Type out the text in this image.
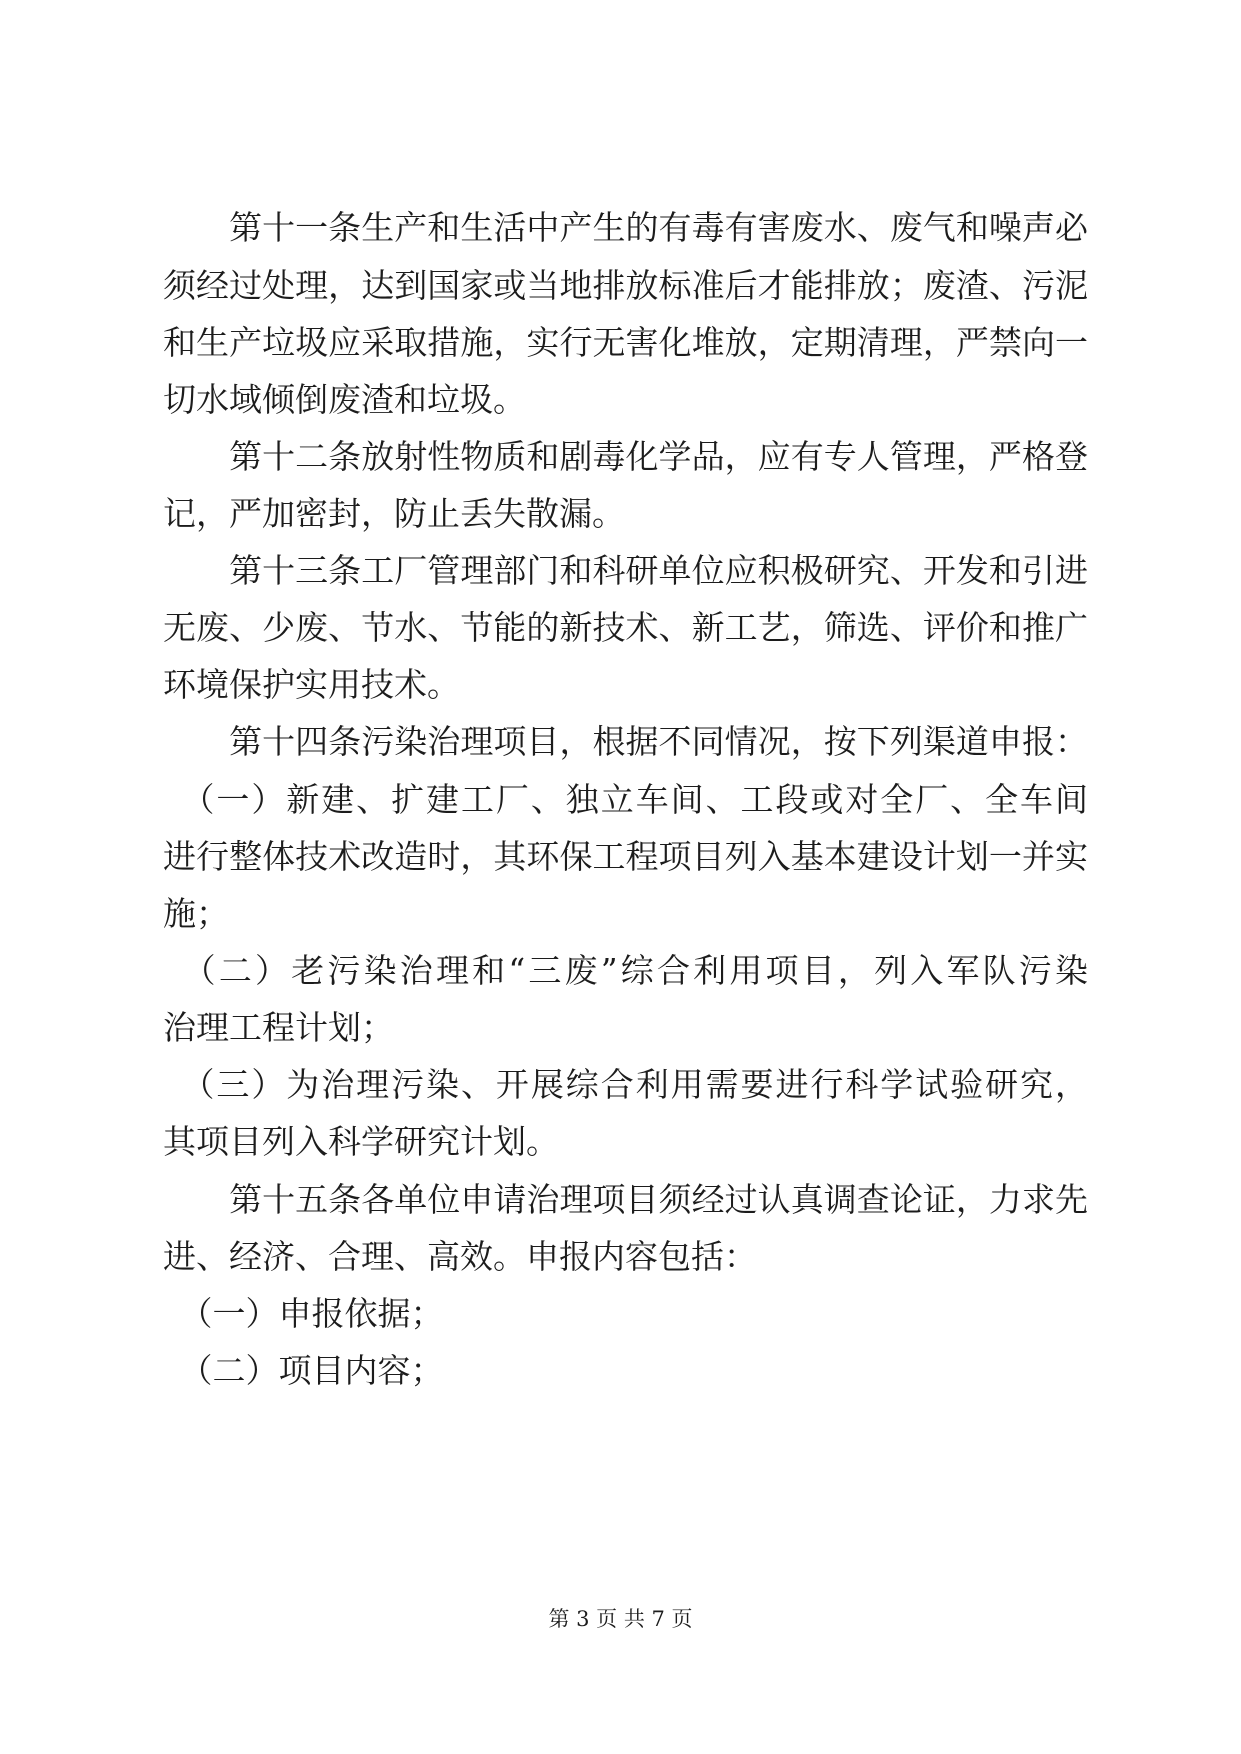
　　第十一条生产和生活中产生的有毒有害废水、废气和噪声必
须经过处理，达到国家或当地排放标准后才能排放；废渣、污泥
和生产垃圾应采取措施，实行无害化堆放，定期清理，严禁向一
切水域倾倒废渣和垃圾。
　　第十二条放射性物质和剧毒化学品，应有专人管理，严格登
记，严加密封，防止丢失散漏。
　　第十三条工厂管理部门和科研单位应积极研究、开发和引进
无废、少废、节水、节能的新技术、新工艺，筛选、评价和推广
环境保护实用技术。
　　第十四条污染治理项目，根据不同情况，按下列渠道申报：
　（一）新建、扩建工厂、独立车间、工段或对全厂、全车间
进行整体技术改造时，其环保工程项目列入基本建设计划一并实
施；
　（二）老污染治理和“三废”综合利用项目，列入军队污染
治理工程计划；
　（三）为治理污染、开展综合利用需要进行科学试验研究，
其项目列入科学研究计划。
　　第十五条各单位申请治理项目须经过认真调查论证，力求先
进、经济、合理、高效。申报内容包括：
　（一）申报依据；
　（二）项目内容；
第 3 页 共 7 页
